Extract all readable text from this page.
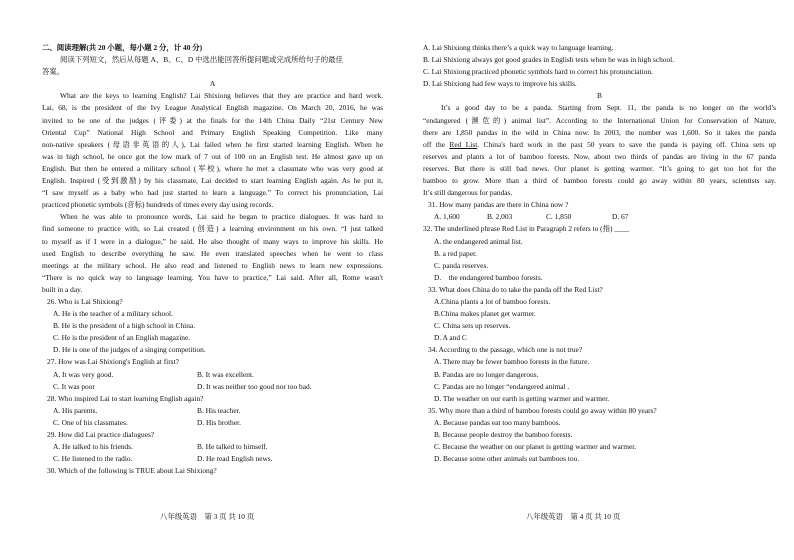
二、阅读理解(共 20 小题，每小题 2 分，计 40 分)
阅读下列短文，然后从每题 A、B、C、D 中选出能回答所提问题或完成所给句子的最佳
答案。
A
What are the keys to learning English? Lai Shixiong believes that they are practice and hard work.
Lai, 68, is the president of the Ivy League Analytical English magazine. On March 20, 2016, he was
invited to be one of the judges (评委) at the finals for the 14th China Daily “21st Century New
Oriental Cup” National High School and Primary English Speaking Competition. Like many
non-native speakers (母语非英语的人), Lai failed when he first started learning English. When he
was in high school, he once got the low mark of 7 out of 100 on an English test. He almost gave up on
English. But then he entered a military school (军校), where he met a classmate who was very good at
English. Inspired (受到激励) by his classmate, Lai decided to start learning English again. As he put it,
“I saw myself as a baby who had just started to learn a language.” To correct his pronunciation, Lai
practiced phonetic symbols (音标) hundreds of times every day using records.
When he was able to pronounce words, Lai said he began to practice dialogues. It was hard to
find someone to practice with, so Lai created (创造) a learning environment on his own. “I just talked
to myself as if I were in a dialogue,” he said. He also thought of many ways to improve his skills. He
used English to describe everything he saw. He even translated speeches when he went to class
meetings at the military school. He also read and listened to English news to learn new expressions.
“There is no quick way to language learning. You have to practice,” Lai said. After all, Rome wasn't
built in a day.
26. Who is Lai Shixiong?
A. He is the teacher of a military school.
B. He is the president of a high school in China.
C. He is the president of an English magazine.
D. He is one of the judges of a singing competition.
27. How was Lai Shixiong's English at first?
A. It was very good.	B. It was excellent.
C. It was poor	D. It was neither too good nor too bad.
28. Who inspired Lai to start learning English again?
A. His parents.	B. His teacher.
C. One of his classmates.	D. His brother.
29. How did Lai practice dialogues?
A. He talked to his friends.	B. He talked to himself.
C. He listened to the radio.	D. He read English news.
30. Which of the following is TRUE about Lai Shixiong?
八年级英语　第 3 页 共 10 页
A. Lai Shixiong thinks there’s a quick way to language learning.
B. Lai Shixiong always got good grades in English tests when he was in high school.
C. Lai Shixiong practiced phonetic symbols hard to correct his pronunciation.
D. Lai Shixiong had few ways to improve his skills.
B
It’s a good day to be a panda. Starting from Sept. 11, the panda is no longer on the world’s
“endangered (濒危的) animal list”. According to the International Union for Conservation of Nature,
there are 1,850 pandas in the wild in China now. In 2003, the number was 1,600. So it takes the panda
off the Red List. China's hard work in the past 50 years to save the panda is paying off. China sets up
reserves and plants a lot of bamboo forests. Now, about two thirds of pandas are living in the 67 panda
reserves. But there is still bad news. Our planet is getting warmer. “It’s going to get too hot for the
bamboo to grow. More than a third of bamboo forests could go away within 80 years, scientists say.
It’s still dangerous for pandas.
31. How many pandas are there in China now ?
A. 1,600	B. 2,003	C. 1,850	D. 67
32. The underlined phrase Red List in Paragraph 2 refers to (指) ____
A. the endangered animal list.
B. a red paper.
C. panda reserves.
D.　the endangered bamboo forests.
33. What does China do to take the panda off the Red List?
A.China plants a lot of bamboo forests.
B.China makes planet get warmer.
C. China sets up reserves.
D. A and C
34. According to the passage, which one is not true?
A. There may be fewer bamboo forests in the future.
B. Pandas are no longer dangerous.
C. Pandas are no longer “endangered animal .
D. The weather on our earth is getting warmer and warmer.
35. Why more than a third of bamboo forests could go away within 80 years?
A. Because pandas eat too many bamboos.
B. Because people destroy the bamboo forests.
C. Because the weather on our planet is getting warmer and warmer.
D. Because some other animals eat bamboos too.
八年级英语　第 4 页 共 10 页
